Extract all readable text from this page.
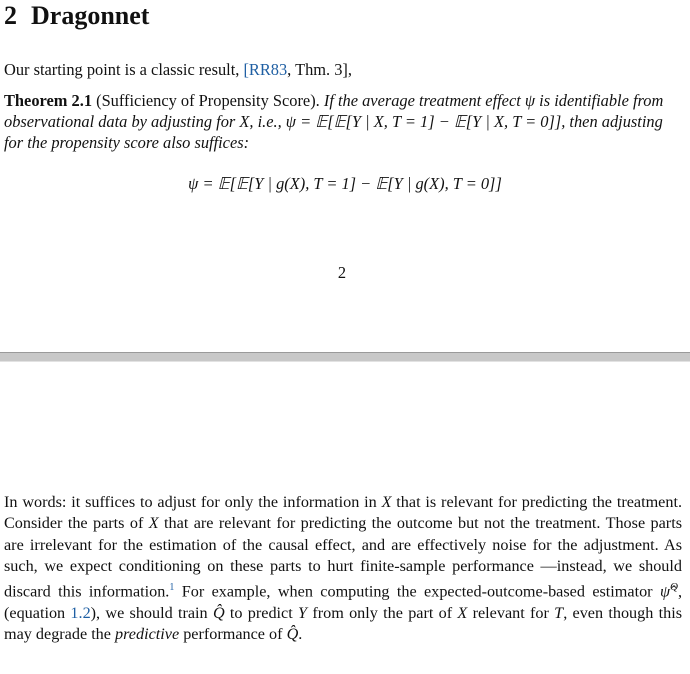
2 Dragonnet

Our starting point is a classic result, [RR83, Thm. 3],

Theorem 2.1 (Sufficiency of Propensity Score). If the average treatment effect ψ is identifiable from observational data by adjusting for X, i.e., ψ = 𝔼[𝔼[Y | X, T = 1] − 𝔼[Y | X, T = 0]], then adjusting for the propensity score also suffices:

ψ = 𝔼[𝔼[Y | g(X), T = 1] − 𝔼[Y | g(X), T = 0]]
2

In words: it suffices to adjust for only the information in X that is relevant for predicting the treatment. Consider the parts of X that are relevant for predicting the outcome but not the treatment. Those parts are irrelevant for the estimation of the causal effect, and are effectively noise for the adjustment. As such, we expect conditioning on these parts to hurt finite-sample performance —instead, we should discard this information.$^1$ For example, when computing the expected-outcome-based estimator ψ̂$^Q$, (equation 1.2), we should train Q̂ to predict Y from only the part of X relevant for T, even though this may degrade the predictive performance of Q̂.
